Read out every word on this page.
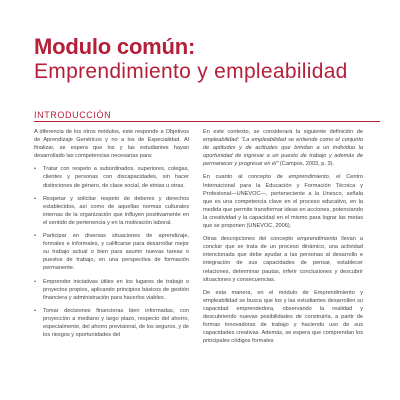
Modulo común:
Emprendimiento y empleabilidad
INTRODUCCIÓN

A diferencia de los otros módulos, este responde a Objetivos de Aprendizaje Genéricos y no a los de Especialidad. Al finalizar, se espera que los y las estudiantes hayan desarrollado las competencias necesarias para:

• Tratar con respeto a subordinados, superiores, colegas, clientes y personas con discapacidades, sin hacer distinciones de género, de clase social, de etnias u otras.
• Respetar y solicitar respeto de deberes y derechos establecidos, así como de aquellas normas culturales internas de la organización que influyen positivamente en el sentido de pertenencia y en la motivación laboral.
• Participar en diversas situaciones de aprendizaje, formales e informales, y calificarse para desarrollar mejor su trabajo actual o bien para asumir nuevas tareas o puestos de trabajo, en una perspectiva de formación permanente.
• Emprender iniciativas útiles en los lugares de trabajo o proyectos propios, aplicando principios básicos de gestión financiera y administración para hacerlos viables.
• Tomar decisiones financieras bien informadas, con proyección a mediano y largo plazo, respecto del ahorro, especialmente, del ahorro previsional, de los seguros, y de los riesgos y oportunidades del

En este contexto, se considerará la siguiente definición de empleabilidad: "La empleabilidad se entiende como el conjunto de aptitudes y de actitudes que brindan a un individuo la oportunidad de ingresar a un puesto de trabajo y además de permanecer y progresar en él" (Campos, 2003, p. 3).

En cuanto al concepto de emprendimiento, el Centro Internacional para la Educación y Formación Técnica y Profesional—UNEVOC—, perteneciente a la Unesco, señala que es una competencia clave en el proceso educativo, en la medida que permite transformar ideas en acciones, potenciando la creatividad y la capacidad en el mismo para lograr las metas que se proponen (UNEVOC, 2006).

Otras descripciones del concepto emprendimiento llevan a concluir que se trata de un proceso dinámico, una actividad intencionada que debe ayudar a las personas al desarrollo e integración de sus capacidades de pensar, establecer relaciones, determinar pautas, inferir conclusiones y descubrir situaciones y consecuencias.

De esta manera, en el módulo de Emprendimiento y empleabilidad se busca que los y las estudiantes desarrollen su capacidad emprendedora, observando la realidad y descubriendo nuevas posibilidades de construirla, a partir de formas innovadoras de trabajo y haciendo uso de sus capacidades creativas. Además, se espera que comprendan los principales códigos formales
